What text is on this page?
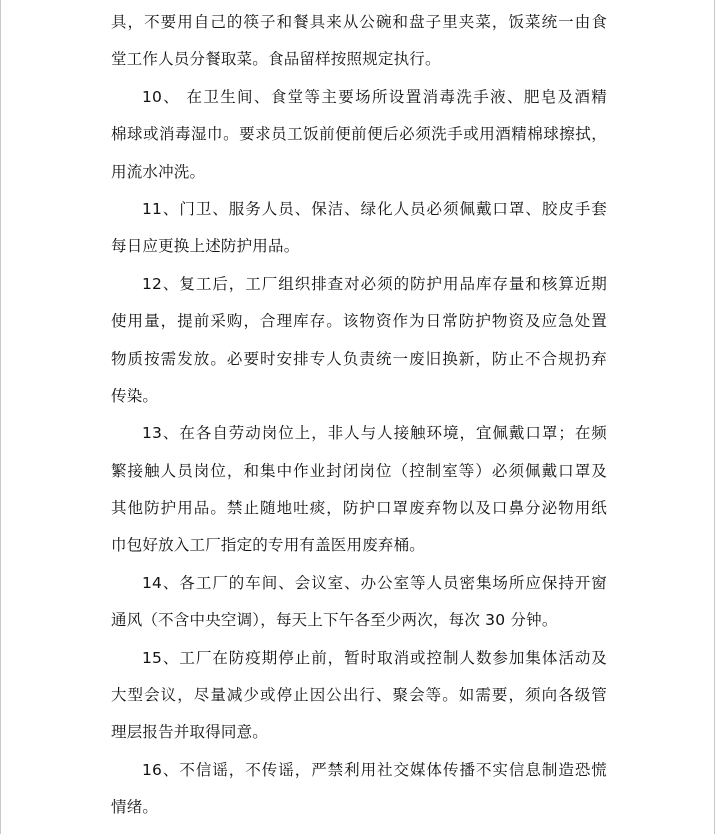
具，不要用自己的筷子和餐具来从公碗和盘子里夹菜，饭菜统一由食
堂工作人员分餐取菜。食品留样按照规定执行。
10、 在卫生间、食堂等主要场所设置消毒洗手液、肥皂及酒精
棉球或消毒湿巾。要求员工饭前便前便后必须洗手或用酒精棉球擦拭，
用流水冲洗。
11、门卫、服务人员、保洁、绿化人员必须佩戴口罩、胶皮手套
每日应更换上述防护用品。
12、复工后，工厂组织排查对必须的防护用品库存量和核算近期
使用量，提前采购，合理库存。该物资作为日常防护物资及应急处置
物质按需发放。必要时安排专人负责统一废旧换新，防止不合规扔弃
传染。
13、在各自劳动岗位上，非人与人接触环境，宜佩戴口罩；在频
繁接触人员岗位，和集中作业封闭岗位（控制室等）必须佩戴口罩及
其他防护用品。禁止随地吐痰，防护口罩废弃物以及口鼻分泌物用纸
巾包好放入工厂指定的专用有盖医用废弃桶。
14、各工厂的车间、会议室、办公室等人员密集场所应保持开窗
通风（不含中央空调），每天上下午各至少两次，每次 30 分钟。
15、工厂在防疫期停止前，暂时取消或控制人数参加集体活动及
大型会议，尽量减少或停止因公出行、聚会等。如需要，须向各级管
理层报告并取得同意。
16、不信谣，不传谣，严禁利用社交媒体传播不实信息制造恐慌
情绪。
